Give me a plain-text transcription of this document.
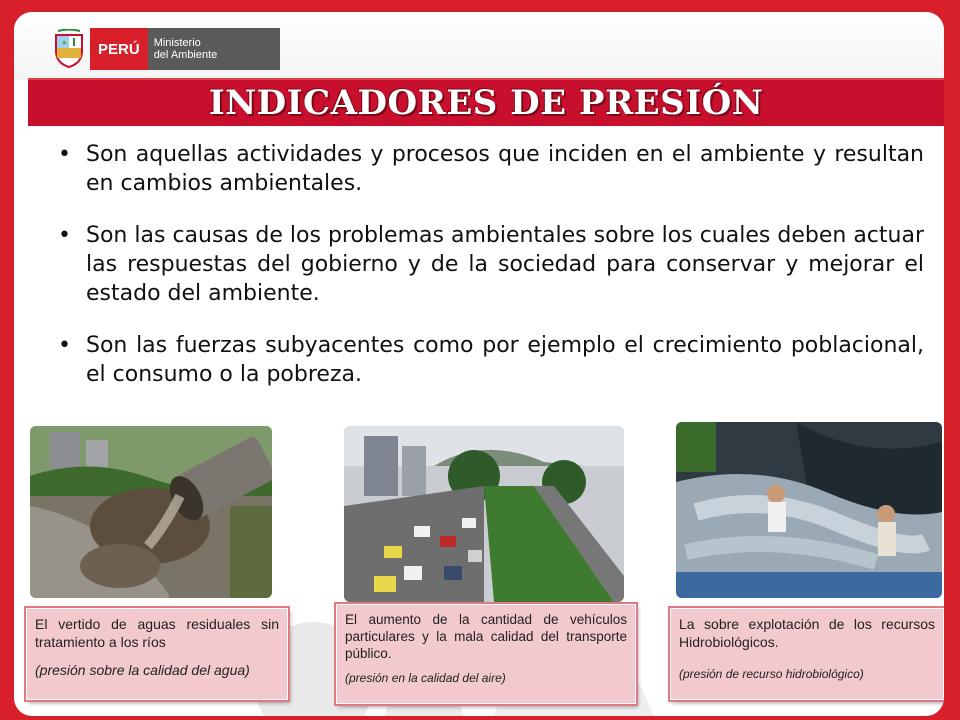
PERÚ	Ministerio
del Ambiente
INDICADORES DE PRESIÓN
• Son aquellas actividades y procesos que inciden en el ambiente y resultan en cambios ambientales.
• Son las causas de los problemas ambientales sobre los cuales deben actuar las respuestas del gobierno y de la sociedad para conservar y mejorar el estado del ambiente.
• Son las fuerzas subyacentes como por ejemplo el crecimiento poblacional, el consumo o la pobreza.
El vertido de aguas residuales sin tratamiento a los ríos
(presión sobre la calidad del agua)
El aumento de la cantidad de vehículos particulares y la mala calidad del transporte público.
(presión en la calidad del aire)
La sobre explotación de los recursos Hidrobiológicos.
(presión de recurso hidrobiológico)
